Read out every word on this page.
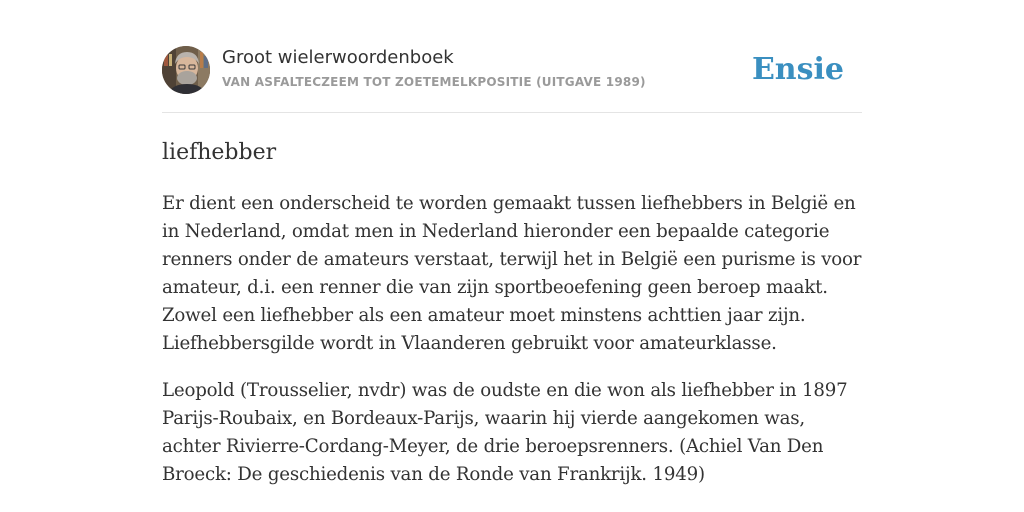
Groot wielerwoordenboek
VAN ASFALTECZEEM TOT ZOETEMELKPOSITIE (UITGAVE 1989)	Ensie
liefhebber

Er dient een onderscheid te worden gemaakt tussen liefhebbers in België en in Nederland, omdat men in Nederland hieronder een bepaalde categorie renners onder de amateurs verstaat, terwijl het in België een purisme is voor amateur, d.i. een renner die van zijn sportbeoefening geen beroep maakt. Zowel een liefhebber als een amateur moet minstens achttien jaar zijn. Liefhebbersgilde wordt in Vlaanderen gebruikt voor amateurklasse.

Leopold (Trousselier, nvdr) was de oudste en die won als liefhebber in 1897 Parijs-Roubaix, en Bordeaux-Parijs, waarin hij vierde aangekomen was, achter Rivierre-Cordang-Meyer, de drie beroepsrenners. (Achiel Van Den Broeck: De geschiedenis van de Ronde van Frankrijk. 1949)
